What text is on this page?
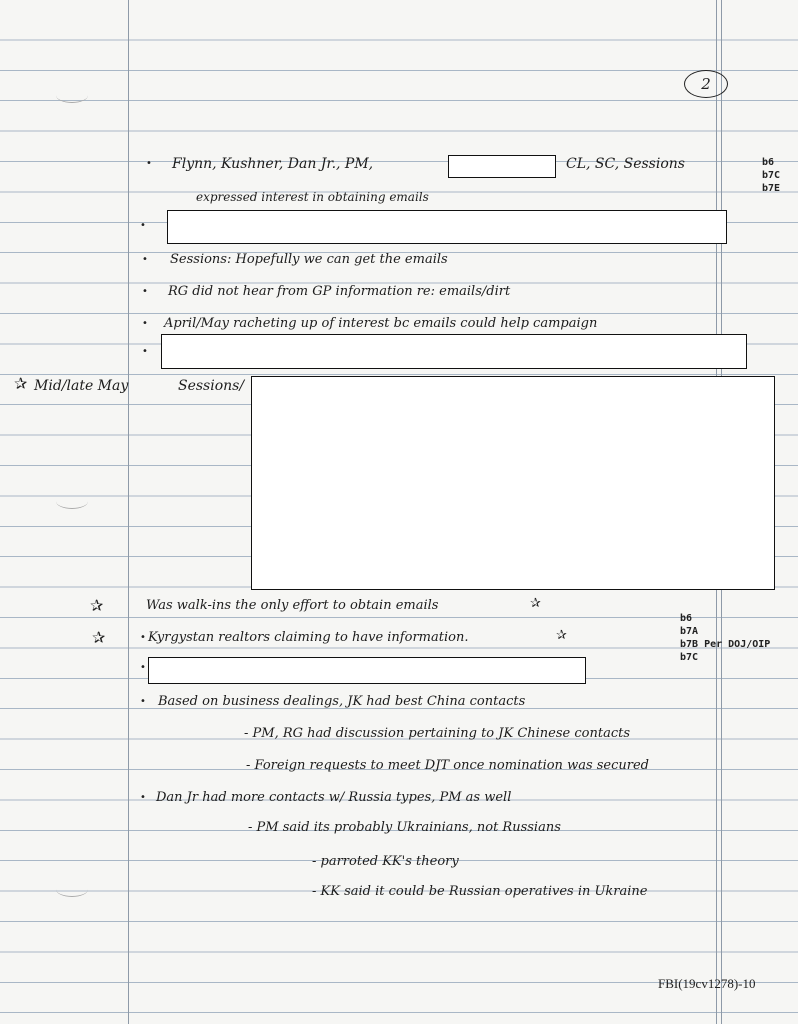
2
• Flynn, Kushner, Dan Jr., PM,	CL, SC, Sessions	b6
b7C
b7E
expressed interest in obtaining emails
•
• Sessions: Hopefully we can get the emails
• RG did not hear from GP information re: emails/dirt
• April/May racheting up of interest bc emails could help campaign
•
✰ Mid/late May	Sessions/
✰	Was walk-ins the only effort to obtain emails	✰
✰	• Kyrgystan realtors claiming to have information.	✰
b6
b7A
b7B Per DOJ/OIP
b7C
•
• Based on business dealings, JK had best China contacts
- PM, RG had discussion pertaining to JK Chinese contacts
- Foreign requests to meet DJT once nomination was secured
• Dan Jr had more contacts w/ Russia types, PM as well
- PM said its probably Ukrainians, not Russians
- parroted KK's theory
- KK said it could be Russian operatives in Ukraine
FBI(19cv1278)-10
